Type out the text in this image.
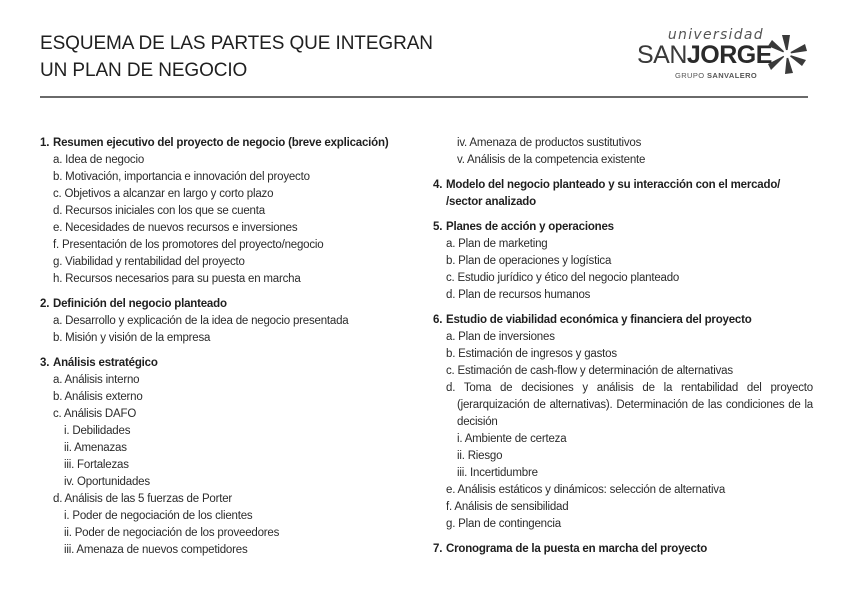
ESQUEMA DE LAS PARTES QUE INTEGRAN
UN PLAN DE NEGOCIO
universidad
SANJORGE
GRUPO SANVALERO
1. Resumen ejecutivo del proyecto de negocio (breve explicación)
a. Idea de negocio
b. Motivación, importancia e innovación del proyecto
c. Objetivos a alcanzar en largo y corto plazo
d. Recursos iniciales con los que se cuenta
e. Necesidades de nuevos recursos e inversiones
f. Presentación de los promotores del proyecto/negocio
g. Viabilidad y rentabilidad del proyecto
h. Recursos necesarios para su puesta en marcha
2. Definición del negocio planteado
a. Desarrollo y explicación de la idea de negocio presentada
b. Misión y visión de la empresa
3. Análisis estratégico
a. Análisis interno
b. Análisis externo
c. Análisis DAFO
i. Debilidades
ii. Amenazas
iii. Fortalezas
iv. Oportunidades
d. Análisis de las 5 fuerzas de Porter
i. Poder de negociación de los clientes
ii. Poder de negociación de los proveedores
iii. Amenaza de nuevos competidores
iv. Amenaza de productos sustitutivos
v. Análisis de la competencia existente
4. Modelo del negocio planteado y su interacción con el mercado/ /sector analizado
5. Planes de acción y operaciones
a. Plan de marketing
b. Plan de operaciones y logística
c. Estudio jurídico y ético del negocio planteado
d. Plan de recursos humanos
6. Estudio de viabilidad económica y financiera del proyecto
a. Plan de inversiones
b. Estimación de ingresos y gastos
c. Estimación de cash-flow y determinación de alternativas
d. Toma de decisiones y análisis de la rentabilidad del proyecto (jerarquización de alternativas). Determinación de las condiciones de la decisión
i. Ambiente de certeza
ii. Riesgo
iii. Incertidumbre
e. Análisis estáticos y dinámicos: selección de alternativa
f. Análisis de sensibilidad
g. Plan de contingencia
7. Cronograma de la puesta en marcha del proyecto
